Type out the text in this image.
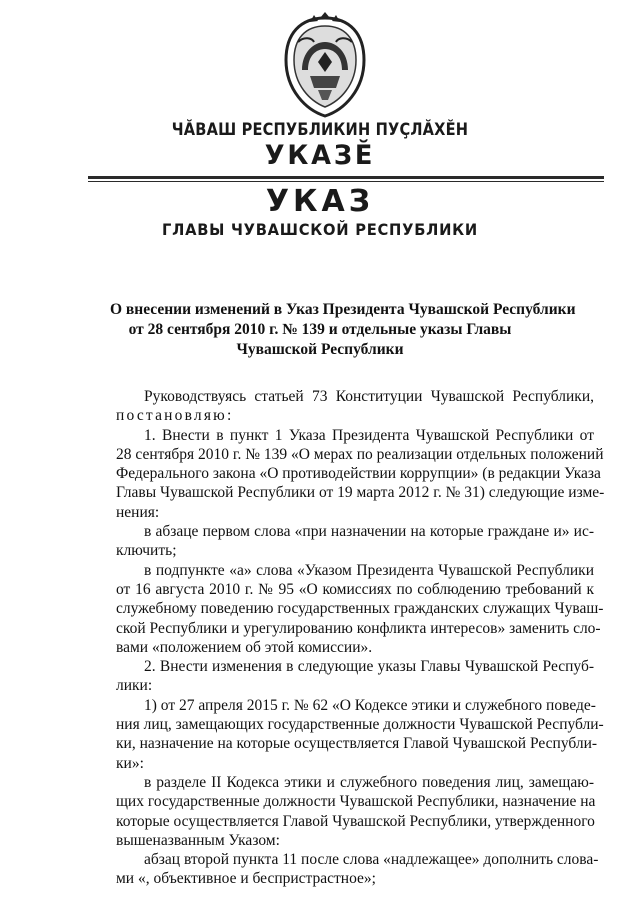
ЧĂВАШ РЕСПУБЛИКИН ПУÇЛĂХĔН
УКАЗĔ
УКАЗ
ГЛАВЫ ЧУВАШСКОЙ РЕСПУБЛИКИ
О внесении изменений в Указ Президента Чувашской Республики
от 28 сентября 2010 г. № 139 и отдельные указы Главы
Чувашской Республики
Руководствуясь статьей 73 Конституции Чувашской Республики,
постановляю:
1. Внести в пункт 1 Указа Президента Чувашской Республики от
28 сентября 2010 г. № 139 «О мерах по реализации отдельных положений
Федерального закона «О противодействии коррупции» (в редакции Указа
Главы Чувашской Республики от 19 марта 2012 г. № 31) следующие изме-
нения:
в абзаце первом слова «при назначении на которые граждане и» ис-
ключить;
в подпункте «а» слова «Указом Президента Чувашской Республики
от 16 августа 2010 г. № 95 «О комиссиях по соблюдению требований к
служебному поведению государственных гражданских служащих Чуваш-
ской Республики и урегулированию конфликта интересов» заменить сло-
вами «положением об этой комиссии».
2. Внести изменения в следующие указы Главы Чувашской Респуб-
лики:
1) от 27 апреля 2015 г. № 62 «О Кодексе этики и служебного поведе-
ния лиц, замещающих государственные должности Чувашской Республи-
ки, назначение на которые осуществляется Главой Чувашской Республи-
ки»:
в разделе II Кодекса этики и служебного поведения лиц, замещаю-
щих государственные должности Чувашской Республики, назначение на
которые осуществляется Главой Чувашской Республики, утвержденного
вышеназванным Указом:
абзац второй пункта 11 после слова «надлежащее» дополнить слова-
ми «, объективное и беспристрастное»;
